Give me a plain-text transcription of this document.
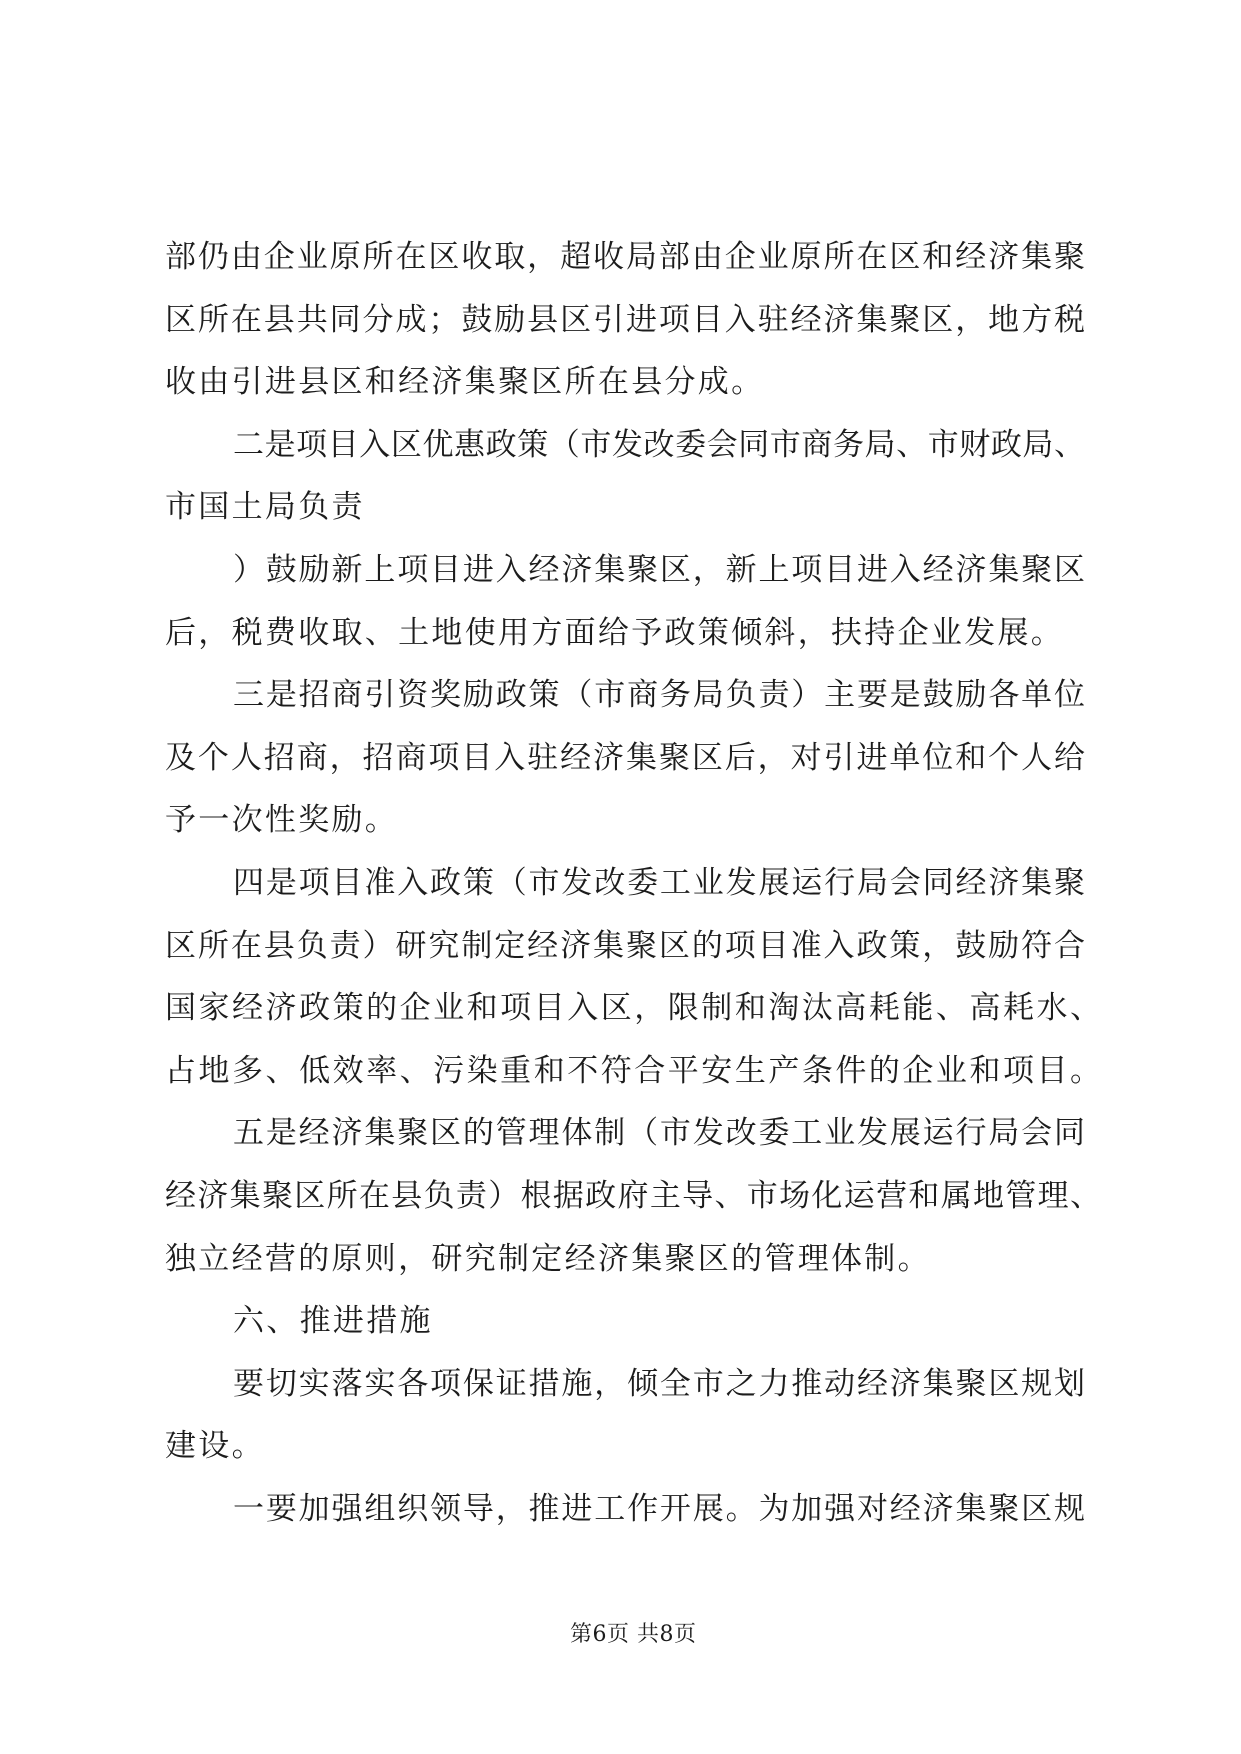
部仍由企业原所在区收取，超收局部由企业原所在区和经济集聚
区所在县共同分成；鼓励县区引进项目入驻经济集聚区，地方税
收由引进县区和经济集聚区所在县分成。
二是项目入区优惠政策（市发改委会同市商务局、市财政局、
市国土局负责
）鼓励新上项目进入经济集聚区，新上项目进入经济集聚区
后，税费收取、土地使用方面给予政策倾斜，扶持企业发展。
三是招商引资奖励政策（市商务局负责）主要是鼓励各单位
及个人招商，招商项目入驻经济集聚区后，对引进单位和个人给
予一次性奖励。
四是项目准入政策（市发改委工业发展运行局会同经济集聚
区所在县负责）研究制定经济集聚区的项目准入政策，鼓励符合
国家经济政策的企业和项目入区，限制和淘汰高耗能、高耗水、
占地多、低效率、污染重和不符合平安生产条件的企业和项目。
五是经济集聚区的管理体制（市发改委工业发展运行局会同
经济集聚区所在县负责）根据政府主导、市场化运营和属地管理、
独立经营的原则，研究制定经济集聚区的管理体制。
六、推进措施
要切实落实各项保证措施，倾全市之力推动经济集聚区规划
建设。
一要加强组织领导，推进工作开展。为加强对经济集聚区规
第6页 共8页
